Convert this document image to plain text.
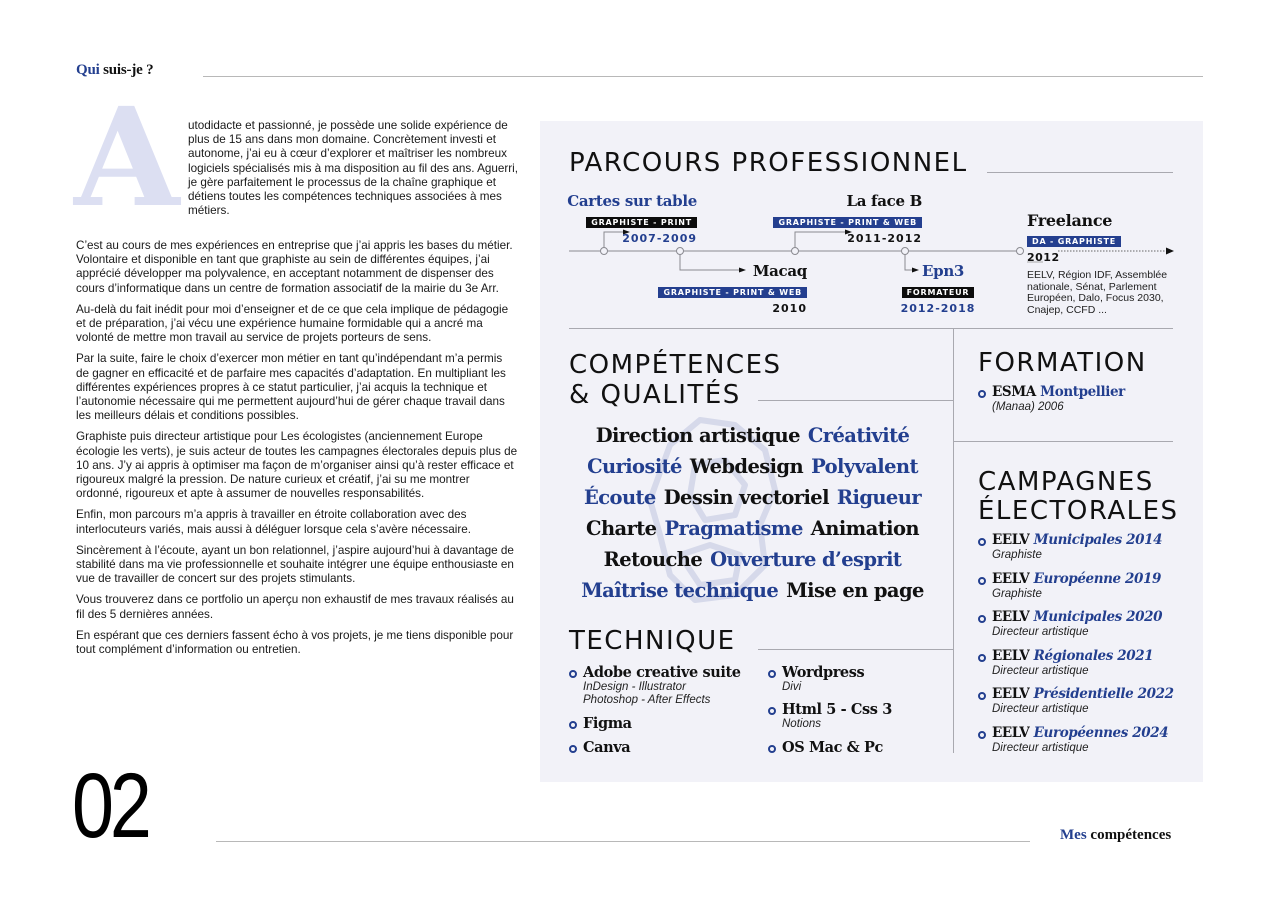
Qui suis-je ?
A utodidacte et passionné, je possède une solide expérience de plus de 15 ans dans mon domaine. Concrètement investi et autonome, j’ai eu à cœur d’explorer et maîtriser les nombreux logiciels spécialisés mis à ma disposition au fil des ans. Aguerri, je gère parfaitement le processus de la chaîne graphique et détiens toutes les compétences techniques associées à mes métiers.

C’est au cours de mes expériences en entreprise que j’ai appris les bases du métier. Volontaire et disponible en tant que graphiste au sein de différentes équipes, j’ai apprécié développer ma polyvalence, en acceptant notamment de dispenser des cours d’informatique dans un centre de formation associatif de la mairie du 3e Arr.

Au-delà du fait inédit pour moi d’enseigner et de ce que cela implique de pédagogie et de préparation, j’ai vécu une expérience humaine formidable qui a ancré ma volonté de mettre mon travail au service de projets porteurs de sens.

Par la suite, faire le choix d’exercer mon métier en tant qu’indépendant m’a permis de gagner en efficacité et de parfaire mes capacités d’adaptation. En multipliant les différentes expériences propres à ce statut particulier, j’ai acquis la technique et l’autonomie nécessaire qui me permettent aujourd’hui de gérer chaque travail dans les meilleurs délais et conditions possibles.

Graphiste puis directeur artistique pour Les écologistes (anciennement Europe écologie les verts), je suis acteur de toutes les campagnes électorales depuis plus de 10 ans. J’y ai appris à optimiser ma façon de m’organiser ainsi qu’à rester efficace et rigoureux malgré la pression. De nature curieux et créatif, j’ai su me montrer ordonné, rigoureux et apte à assumer de nouvelles responsabilités.

Enfin, mon parcours m’a appris à travailler en étroite collaboration avec des interlocuteurs variés, mais aussi à déléguer lorsque cela s’avère nécessaire.

Sincèrement à l’écoute, ayant un bon relationnel, j’aspire aujourd’hui à davantage de stabilité dans ma vie professionnelle et souhaite intégrer une équipe enthousiaste en vue de travailler de concert sur des projets stimulants.

Vous trouverez dans ce portfolio un aperçu non exhaustif de mes travaux réalisés au fil des 5 dernières années.

En espérant que ces derniers fassent écho à vos projets, je me tiens disponible pour tout complément d’information ou entretien.

PARCOURS PROFESSIONNEL
Cartes sur table
GRAPHISTE - PRINT
2007-2009
Macaq
GRAPHISTE - PRINT & WEB
2010
La face B
GRAPHISTE - PRINT & WEB
2011-2012
Epn3
FORMATEUR
2012-2018
Freelance
DA - GRAPHISTE
2012
EELV, Région IDF, Assemblée nationale, Sénat, Parlement Européen, Dalo, Focus 2030, Cnajep, CCFD ...
COMPÉTENCES
& QUALITÉS
Direction artistique Créativité
Curiosité Webdesign Polyvalent
Écoute Dessin vectoriel Rigueur
Charte Pragmatisme Animation
Retouche Ouverture d’esprit
Maîtrise technique Mise en page
TECHNIQUE
Adobe creative suite
InDesign - Illustrator
Photoshop - After Effects
Figma
Canva
Wordpress
Divi
Html 5 - Css 3
Notions
OS Mac & Pc
FORMATION
ESMA Montpellier
(Manaa) 2006
CAMPAGNES
ÉLECTORALES
EELV Municipales 2014
Graphiste
EELV Européenne 2019
Graphiste
EELV Municipales 2020
Directeur artistique
EELV Régionales 2021
Directeur artistique
EELV Présidentielle 2022
Directeur artistique
EELV Européennes 2024
Directeur artistique
02	Mes compétences
